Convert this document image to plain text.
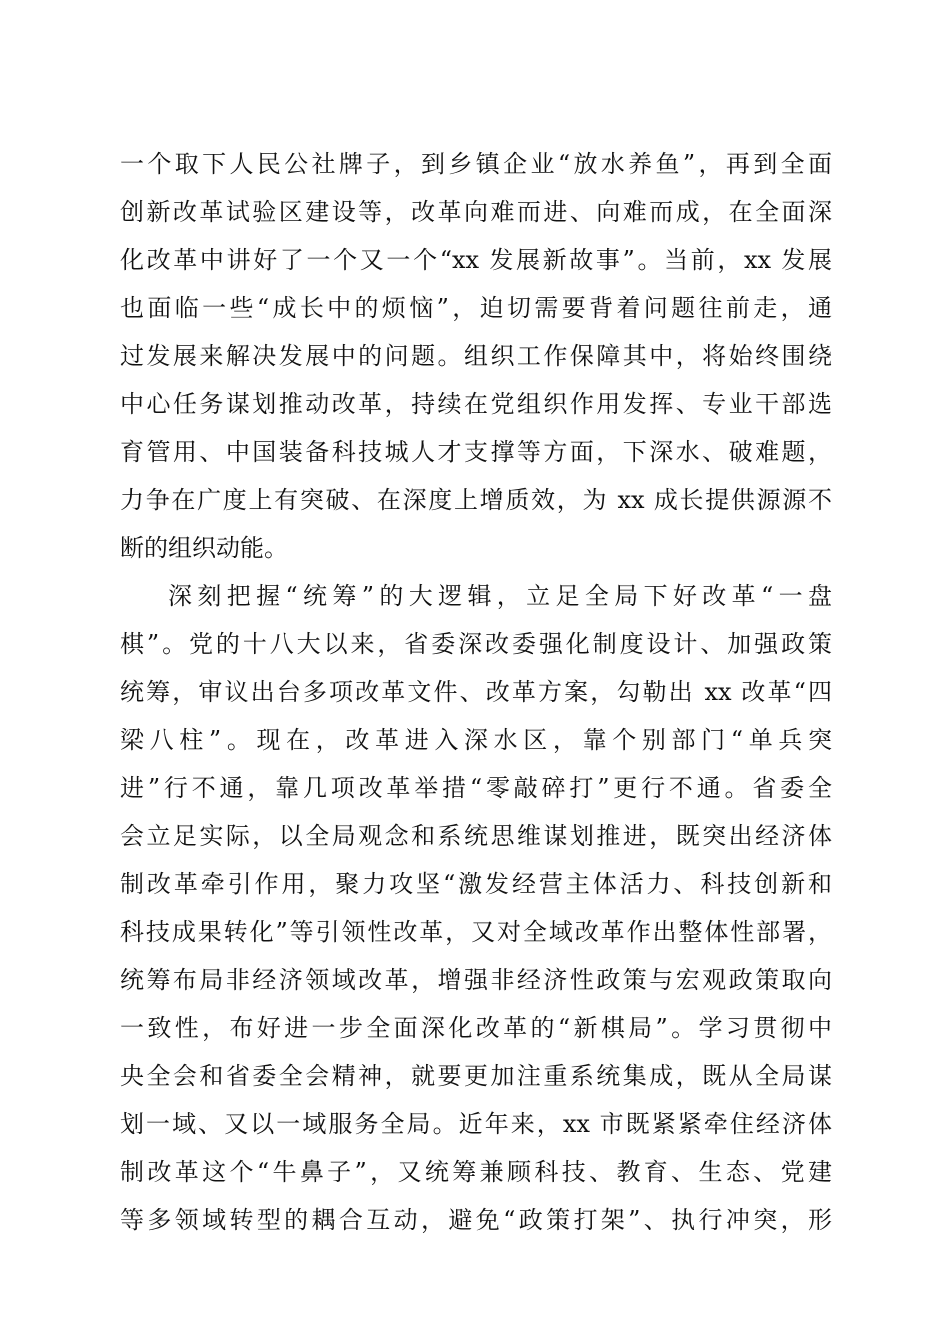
一个取下人民公社牌子，到乡镇企业“放水养鱼”，再到全面
创新改革试验区建设等，改革向难而进、向难而成，在全面深
化改革中讲好了一个又一个“xx 发展新故事”。当前，xx 发展
也面临一些“成长中的烦恼”，迫切需要背着问题往前走，通
过发展来解决发展中的问题。组织工作保障其中，将始终围绕
中心任务谋划推动改革，持续在党组织作用发挥、专业干部选
育管用、中国装备科技城人才支撑等方面，下深水、破难题，
力争在广度上有突破、在深度上增质效，为 xx 成长提供源源不
断的组织动能。
深刻把握“统筹”的大逻辑，立足全局下好改革“一盘
棋”。党的十八大以来，省委深改委强化制度设计、加强政策
统筹，审议出台多项改革文件、改革方案，勾勒出 xx 改革“四
梁八柱”。现在，改革进入深水区，靠个别部门“单兵突
进”行不通，靠几项改革举措“零敲碎打”更行不通。省委全
会立足实际，以全局观念和系统思维谋划推进，既突出经济体
制改革牵引作用，聚力攻坚“激发经营主体活力、科技创新和
科技成果转化”等引领性改革，又对全域改革作出整体性部署，
统筹布局非经济领域改革，增强非经济性政策与宏观政策取向
一致性，布好进一步全面深化改革的“新棋局”。学习贯彻中
央全会和省委全会精神，就要更加注重系统集成，既从全局谋
划一域、又以一域服务全局。近年来，xx 市既紧紧牵住经济体
制改革这个“牛鼻子”，又统筹兼顾科技、教育、生态、党建
等多领域转型的耦合互动，避免“政策打架”、执行冲突，形
